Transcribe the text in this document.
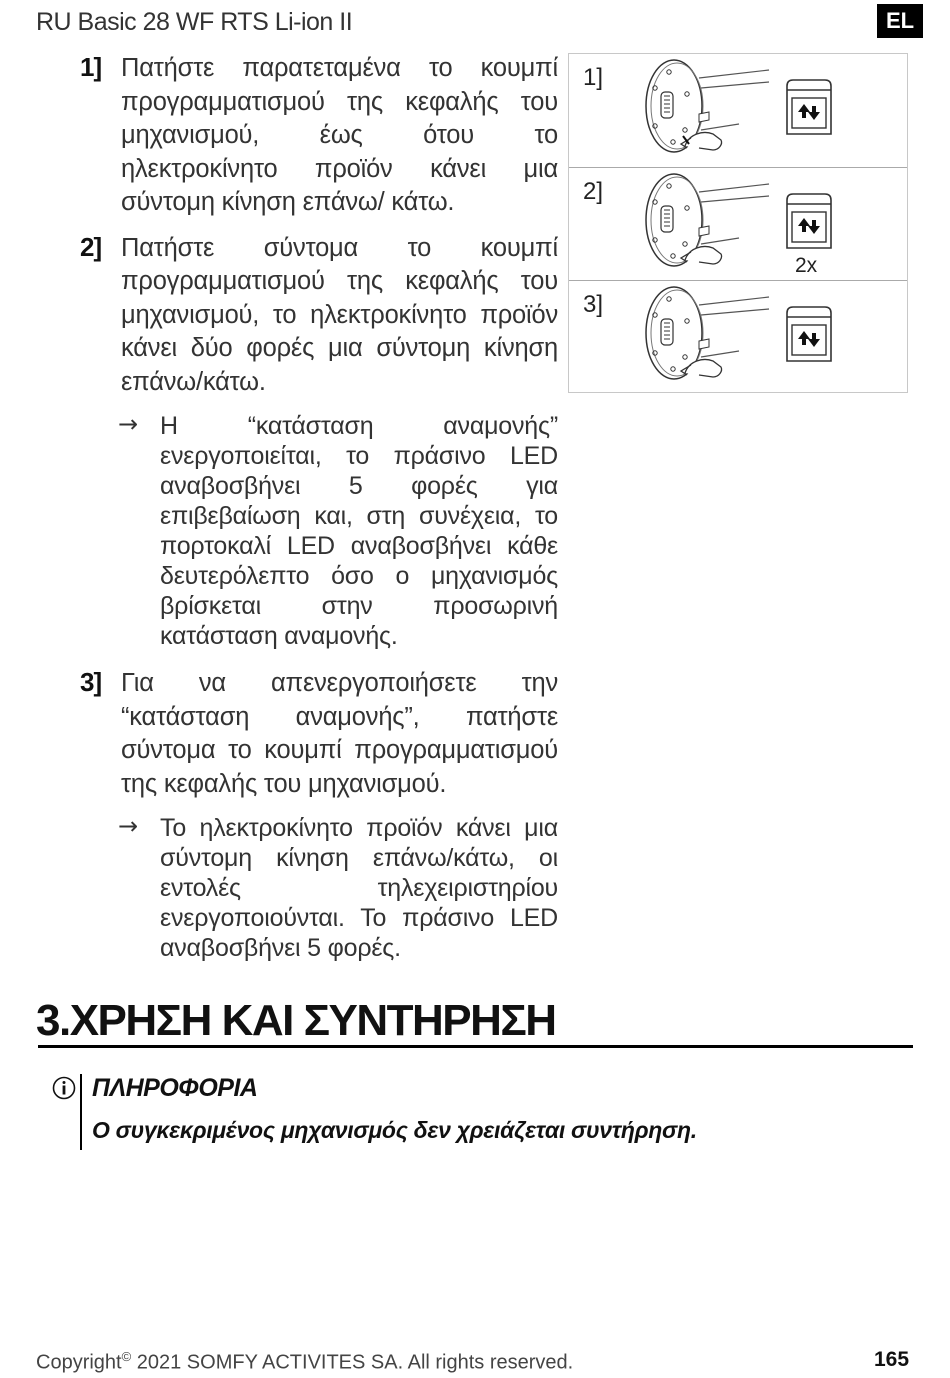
RU Basic 28 WF RTS Li-ion II	EL
1] Πατήστε παρατεταμένα το κουμπί προγραμματισμού της κεφαλής του μηχανισμού, έως ότου το ηλεκτροκίνητο προϊόν κάνει μια σύντομη κίνηση επάνω/ κάτω.

2] Πατήστε σύντομα το κουμπί προγραμματισμού της κεφαλής του μηχανισμού, το ηλεκτροκίνητο προϊόν κάνει δύο φορές μια σύντομη κίνηση επάνω/κάτω.

→ Η “κατάσταση αναμονής” ενεργοποιείται, το πράσινο LED αναβοσβήνει 5 φορές για επιβεβαίωση και, στη συνέχεια, το πορτοκαλί LED αναβοσβήνει κάθε δευτερόλεπτο όσο ο μηχανισμός βρίσκεται στην προσωρινή κατάσταση αναμονής.

3] Για να απενεργοποιήσετε την “κατάσταση αναμονής”, πατήστε σύντομα το κουμπί προγραμματισμού της κεφαλής του μηχανισμού.

→ Το ηλεκτροκίνητο προϊόν κάνει μια σύντομη κίνηση επάνω/κάτω, οι εντολές τηλεχειριστηρίου ενεργοποιούνται. Το πράσινο LED αναβοσβήνει 5 φορές.

1]
2]
2x
3]
3.ΧΡΗΣΗ ΚΑΙ ΣΥΝΤΗΡΗΣΗ
ΠΛΗΡΟΦΟΡΙΑ
Ο συγκεκριμένος μηχανισμός δεν χρειάζεται συντήρηση.
Copyright© 2021 SOMFY ACTIVITES SA. All rights reserved.	165
